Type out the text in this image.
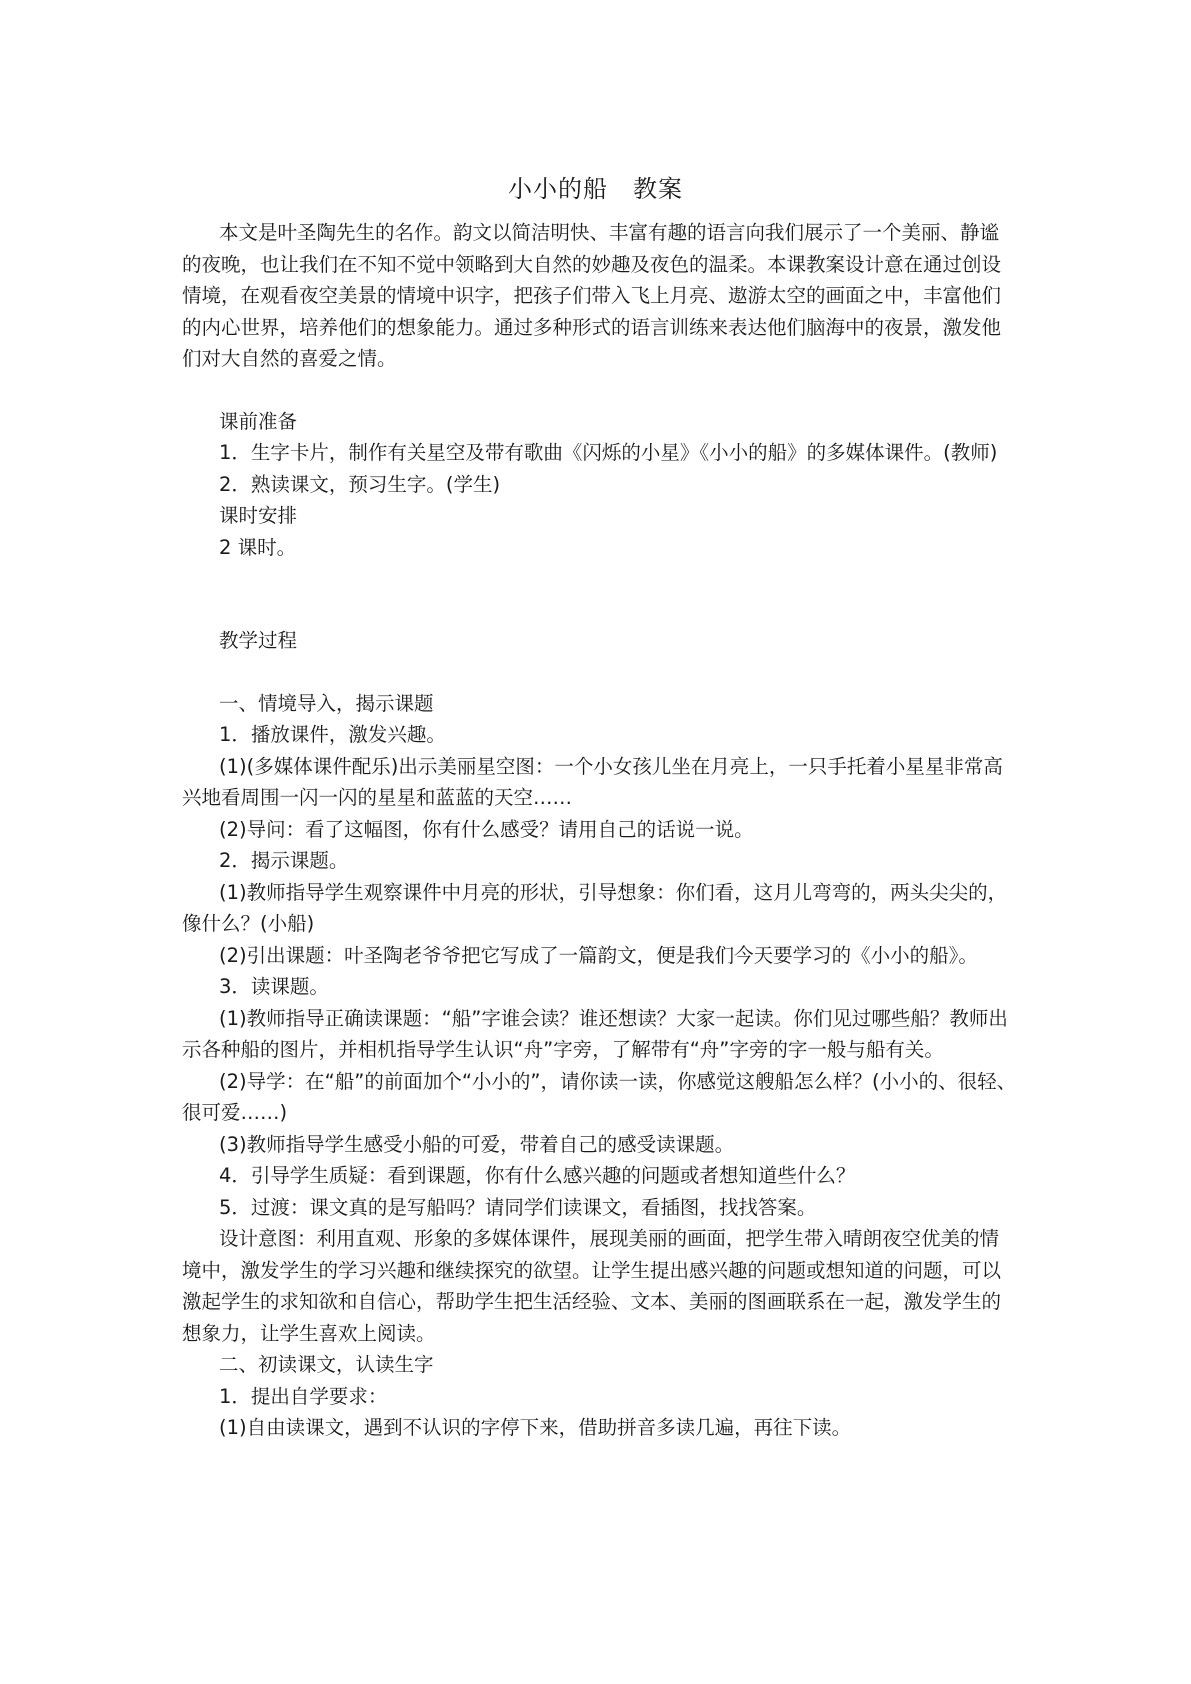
小小的船　教案

本文是叶圣陶先生的名作。韵文以简洁明快、丰富有趣的语言向我们展示了一个美丽、静谧的夜晚，也让我们在不知不觉中领略到大自然的妙趣及夜色的温柔。本课教案设计意在通过创设情境，在观看夜空美景的情境中识字，把孩子们带入飞上月亮、遨游太空的画面之中，丰富他们的内心世界，培养他们的想象能力。通过多种形式的语言训练来表达他们脑海中的夜景，激发他们对大自然的喜爱之情。

课前准备

1．生字卡片，制作有关星空及带有歌曲《闪烁的小星》《小小的船》的多媒体课件。(教师)

2．熟读课文，预习生字。(学生)

课时安排

2 课时。

教学过程

一、情境导入，揭示课题

1．播放课件，激发兴趣。

(1)(多媒体课件配乐)出示美丽星空图：一个小女孩儿坐在月亮上，一只手托着小星星非常高兴地看周围一闪一闪的星星和蓝蓝的天空……

(2)导问：看了这幅图，你有什么感受？请用自己的话说一说。

2．揭示课题。

(1)教师指导学生观察课件中月亮的形状，引导想象：你们看，这月儿弯弯的，两头尖尖的，像什么？(小船)

(2)引出课题：叶圣陶老爷爷把它写成了一篇韵文，便是我们今天要学习的《小小的船》。

3．读课题。

(1)教师指导正确读课题：“船”字谁会读？谁还想读？大家一起读。你们见过哪些船？教师出示各种船的图片，并相机指导学生认识“舟”字旁，了解带有“舟”字旁的字一般与船有关。

(2)导学：在“船”的前面加个“小小的”，请你读一读，你感觉这艘船怎么样？(小小的、很轻、很可爱……)

(3)教师指导学生感受小船的可爱，带着自己的感受读课题。

4．引导学生质疑：看到课题，你有什么感兴趣的问题或者想知道些什么？

5．过渡：课文真的是写船吗？请同学们读课文，看插图，找找答案。

设计意图：利用直观、形象的多媒体课件，展现美丽的画面，把学生带入晴朗夜空优美的情境中，激发学生的学习兴趣和继续探究的欲望。让学生提出感兴趣的问题或想知道的问题，可以激起学生的求知欲和自信心，帮助学生把生活经验、文本、美丽的图画联系在一起，激发学生的想象力，让学生喜欢上阅读。

二、初读课文，认读生字

1．提出自学要求：

(1)自由读课文，遇到不认识的字停下来，借助拼音多读几遍，再往下读。
